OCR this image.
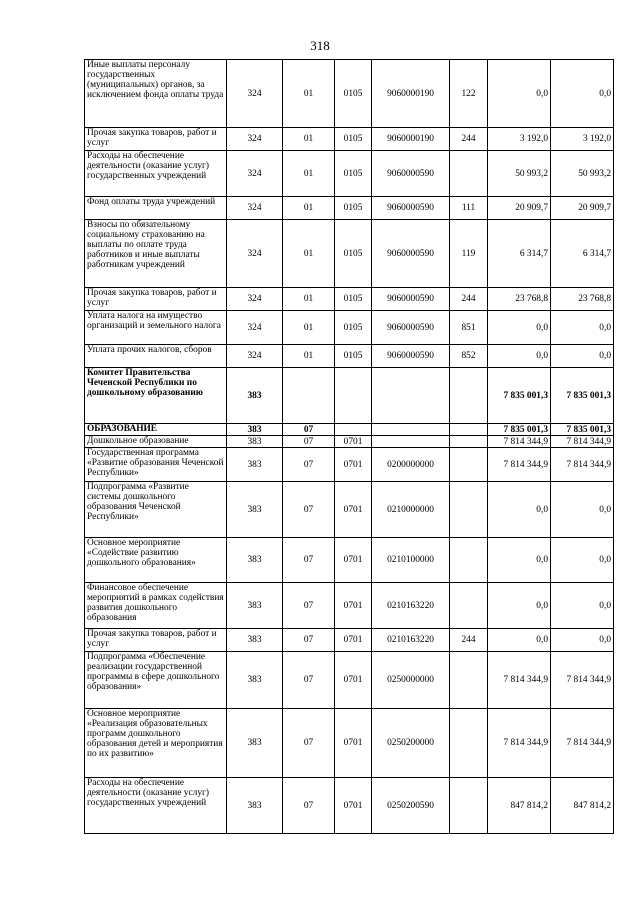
318
Иные выплаты персоналу государственных (муниципальных) органов, за исключением фонда оплаты труда	324	01	0105	9060000190	122	0,0	0,0
Прочая закупка товаров, работ и услуг	324	01	0105	9060000190	244	3 192,0	3 192,0
Расходы на обеспечение деятельности (оказание услуг) государственных учреждений	324	01	0105	9060000590		50 993,2	50 993,2
Фонд оплаты труда учреждений	324	01	0105	9060000590	111	20 909,7	20 909,7
Взносы по обязательному социальному страхованию на выплаты по оплате труда работников и иные выплаты работникам учреждений	324	01	0105	9060000590	119	6 314,7	6 314,7
Прочая закупка товаров, работ и услуг	324	01	0105	9060000590	244	23 768,8	23 768,8
Уплата налога на имущество организаций и земельного налога	324	01	0105	9060000590	851	0,0	0,0
Уплата прочих налогов, сборов	324	01	0105	9060000590	852	0,0	0,0
Комитет Правительства Чеченской Республики по дошкольному образованию	383					7 835 001,3	7 835 001,3
ОБРАЗОВАНИЕ	383	07				7 835 001,3	7 835 001,3
Дошкольное образование	383	07	0701			7 814 344,9	7 814 344,9
Государственная программа «Развитие образования Чеченской Республики»	383	07	0701	0200000000		7 814 344,9	7 814 344,9
Подпрограмма «Развитие системы дошкольного образования Чеченской Республики»	383	07	0701	0210000000		0,0	0,0
Основное мероприятие «Содействие развитию дошкольного образования»	383	07	0701	0210100000		0,0	0,0
Финансовое обеспечение мероприятий в рамках содействия развития дошкольного образования	383	07	0701	0210163220		0,0	0,0
Прочая закупка товаров, работ и услуг	383	07	0701	0210163220	244	0,0	0,0
Подпрограмма «Обеспечение реализации государственной программы в сфере дошкольного образования»	383	07	0701	0250000000		7 814 344,9	7 814 344,9
Основное мероприятие «Реализация образовательных программ дошкольного образования детей и мероприятия по их развитию»	383	07	0701	0250200000		7 814 344,9	7 814 344,9
Расходы на обеспечение деятельности (оказание услуг) государственных учреждений	383	07	0701	0250200590		847 814,2	847 814,2
